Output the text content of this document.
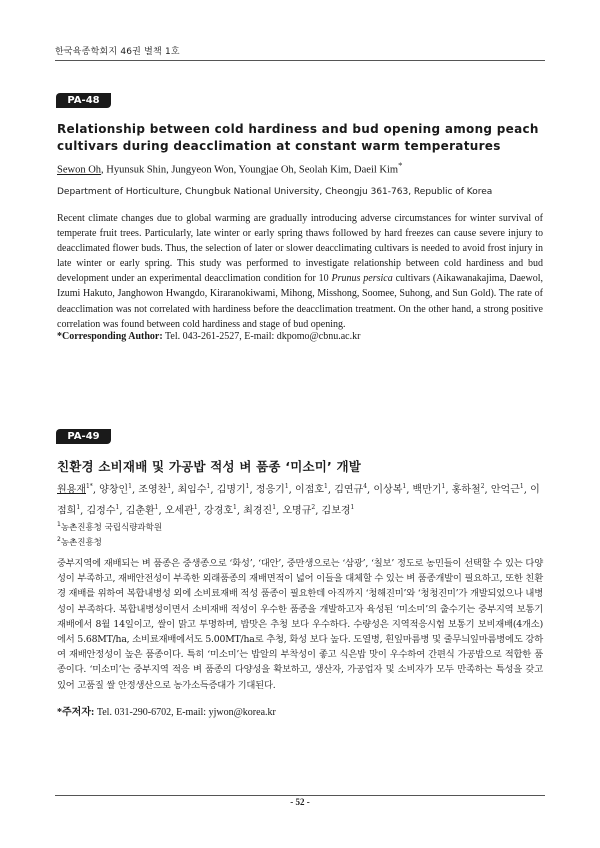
한국육종학회지 46권 별책 1호
PA-48
Relationship between cold hardiness and bud opening among peach cultivars during deacclimation at constant warm temperatures
Sewon Oh, Hyunsuk Shin, Jungyeon Won, Youngjae Oh, Seolah Kim, Daeil Kim*
Department of Horticulture, Chungbuk National University, Cheongju 361-763, Republic of Korea

Recent climate changes due to global warming are gradually introducing adverse circumstances for winter survival of temperate fruit trees. Particularly, late winter or early spring thaws followed by hard freezes can cause severe injury to deacclimated flower buds. Thus, the selection of later or slower deacclimating cultivars is needed to avoid frost injury in late winter or early spring. This study was performed to investigate relationship between cold hardiness and bud development under an experimental deacclimation condition for 10 Prunus persica cultivars (Aikawanakajima, Daewol, Izumi Hakuto, Janghowon Hwangdo, Kiraranokiwami, Mihong, Misshong, Soomee, Suhong, and Sun Gold). The rate of deacclimation was not correlated with hardiness before the deacclimation treatment. On the other hand, a strong positive correlation was found between cold hardiness and stage of bud opening.

*Corresponding Author: Tel. 043-261-2527, E-mail: dkpomo@cbnu.ac.kr
PA-49
친환경 소비재배 및 가공밥 적성 벼 품종 ‘미소미’ 개발
원용재$^{1*}$, 양창인$^1$, 조영찬$^1$, 최임수$^1$, 김명기$^1$, 정응기$^1$, 이점호$^1$, 김연규$^4$, 이상복$^1$, 백만기$^1$, 홍하철$^2$, 안억근$^1$, 이점희$^1$, 김정수$^1$, 김춘환$^1$, 오세관$^1$, 강경호$^1$, 최경진$^1$, 오명규$^2$, 김보경$^1$
$^1$농촌진흥청 국립식량과학원
$^2$농촌진흥청

중부지역에 재배되는 벼 품종은 중생종으로 ‘화성’, ‘대안’, 중만생으로는 ‘삼광’, ‘칠보’ 정도로 농민들이 선택할 수 있는 다양성이 부족하고, 재배안전성이 부족한 외래품종의 재배면적이 넓어 이들을 대체할 수 있는 벼 품종개발이 필요하고, 또한 친환경 재배를 위하여 복합내병성 외에 소비료재배 적성 품종이 필요한데 아직까지 ‘청해진미’와 ‘청청진미’가 개발되었으나 내병성이 부족하다. 복합내병성이면서 소비재배 적성이 우수한 품종을 개발하고자 육성된 ‘미소미’의 출수기는 중부지역 보통기 재배에서 8월 14일이고, 쌀이 맑고 투명하며, 밥맛은 추청 보다 우수하다. 수량성은 지역적응시험 보통기 보비재배(4개소)에서 5.68MT/ha, 소비료재배에서도 5.00MT/ha로 추청, 화성 보다 높다. 도열병, 흰잎마름병 및 줄무늬잎마름병에도 강하여 재배안정성이 높은 품종이다. 특히 ‘미소미’는 밥알의 부착성이 좋고 식은밥 맛이 우수하여 간편식 가공밥으로 적합한 품종이다. ‘미소미’는 중부지역 적응 벼 품종의 다양성을 확보하고, 생산자, 가공업자 및 소비자가 모두 만족하는 특성을 갖고 있어 고품질 쌀 안정생산으로 농가소득증대가 기대된다.

*주저자: Tel. 031-290-6702, E-mail: yjwon@korea.kr
- 52 -
